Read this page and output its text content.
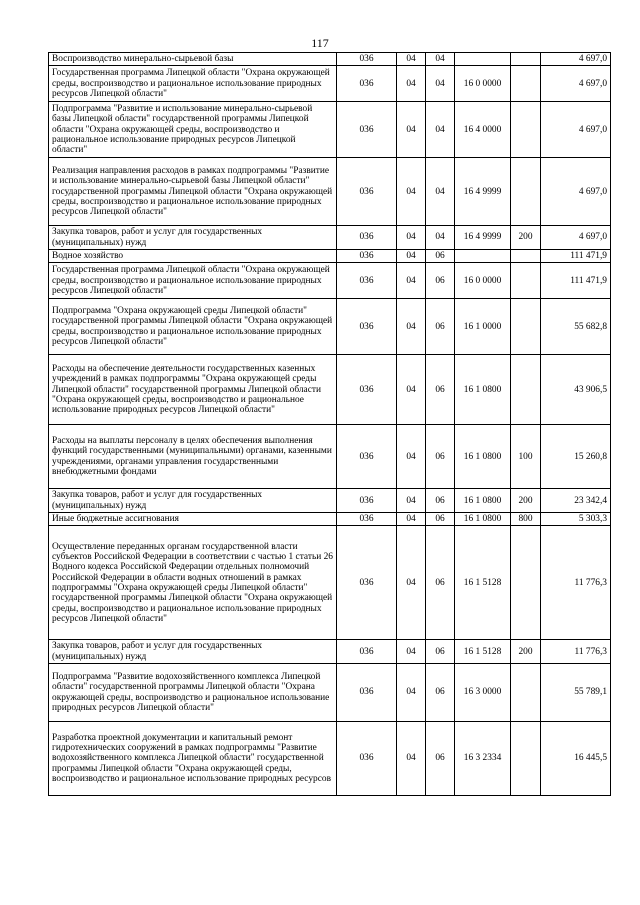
117
Воспроизводство минерально-сырьевой базы	036	04	04			4 697,0
Государственная программа Липецкой области "Охрана окружающей среды, воспроизводство и рациональное использование природных ресурсов Липецкой области"	036	04	04	16 0 0000		4 697,0
Подпрограмма "Развитие и использование минерально-сырьевой базы Липецкой области" государственной программы Липецкой области "Охрана окружающей среды, воспроизводство и рациональное использование природных ресурсов Липецкой области"	036	04	04	16 4 0000		4 697,0
Реализация направления расходов в рамках подпрограммы "Развитие и использование минерально-сырьевой базы Липецкой области" государственной программы Липецкой области "Охрана окружающей среды, воспроизводство и рациональное использование природных ресурсов Липецкой области"	036	04	04	16 4 9999		4 697,0
Закупка товаров, работ и услуг для государственных (муниципальных) нужд	036	04	04	16 4 9999	200	4 697,0
Водное хозяйство	036	04	06			111 471,9
Государственная программа Липецкой области "Охрана окружающей среды, воспроизводство и рациональное использование природных ресурсов Липецкой области"	036	04	06	16 0 0000		111 471,9
Подпрограмма "Охрана окружающей среды Липецкой области" государственной программы Липецкой области "Охрана окружающей среды, воспроизводство и рациональное использование природных ресурсов Липецкой области"	036	04	06	16 1 0000		55 682,8
Расходы на обеспечение деятельности государственных казенных учреждений в рамках подпрограммы "Охрана окружающей среды Липецкой области" государственной программы Липецкой области "Охрана окружающей среды, воспроизводство и рациональное использование природных ресурсов Липецкой области"	036	04	06	16 1 0800		43 906,5
Расходы на выплаты персоналу в целях обеспечения выполнения функций государственными (муниципальными) органами, казенными учреждениями, органами управления государственными внебюджетными фондами	036	04	06	16 1 0800	100	15 260,8
Закупка товаров, работ и услуг для государственных (муниципальных) нужд	036	04	06	16 1 0800	200	23 342,4
Иные бюджетные ассигнования	036	04	06	16 1 0800	800	5 303,3
Осуществление переданных органам государственной власти субъектов Российской Федерации в соответствии с частью 1 статьи 26 Водного кодекса Российской Федерации отдельных полномочий Российской Федерации в области водных отношений в рамках подпрограммы "Охрана окружающей среды Липецкой области" государственной программы Липецкой области "Охрана окружающей среды, воспроизводство и рациональное использование природных ресурсов Липецкой области"	036	04	06	16 1 5128		11 776,3
Закупка товаров, работ и услуг для государственных (муниципальных) нужд	036	04	06	16 1 5128	200	11 776,3
Подпрограмма "Развитие водохозяйственного комплекса Липецкой области" государственной программы Липецкой области "Охрана окружающей среды, воспроизводство и рациональное использование природных ресурсов Липецкой области"	036	04	06	16 3 0000		55 789,1
Разработка проектной документации и капитальный ремонт гидротехнических сооружений в рамках подпрограммы "Развитие водохозяйственного комплекса Липецкой области" государственной программы Липецкой области "Охрана окружающей среды, воспроизводство и рациональное использование природных ресурсов	036	04	06	16 3 2334		16 445,5
